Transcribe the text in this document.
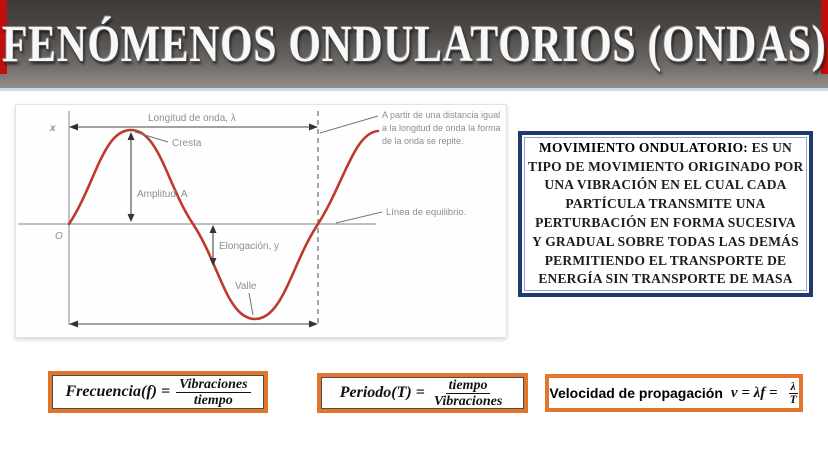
FENÓMENOS ONDULATORIOS (ONDAS)
x
O
Longitud de onda, λ
Cresta
Amplitud, A
Elongación, y
Valle
Línea de equilibrio.
A partir de una distancia igual
a la longitud de onda la forma
de la onda se repite.	MOVIMIENTO ONDULATORIO: ES UN
TIPO DE MOVIMIENTO ORIGINADO POR
UNA VIBRACIÓN EN EL CUAL CADA
PARTÍCULA TRANSMITE UNA
PERTURBACIÓN EN FORMA SUCESIVA
Y GRADUAL SOBRE TODAS LAS DEMÁS
PERMITIENDO EL TRANSPORTE DE
ENERGÍA SIN TRANSPORTE DE MASA
Frecuencia(f) = $\frac{\text{Vibraciones}}{\text{tiempo}}$	Periodo(T) = $\frac{\text{tiempo}}{\text{Vibraciones}}$	Velocidad de propagación $v = \lambda f = \frac{\lambda}{T}$
